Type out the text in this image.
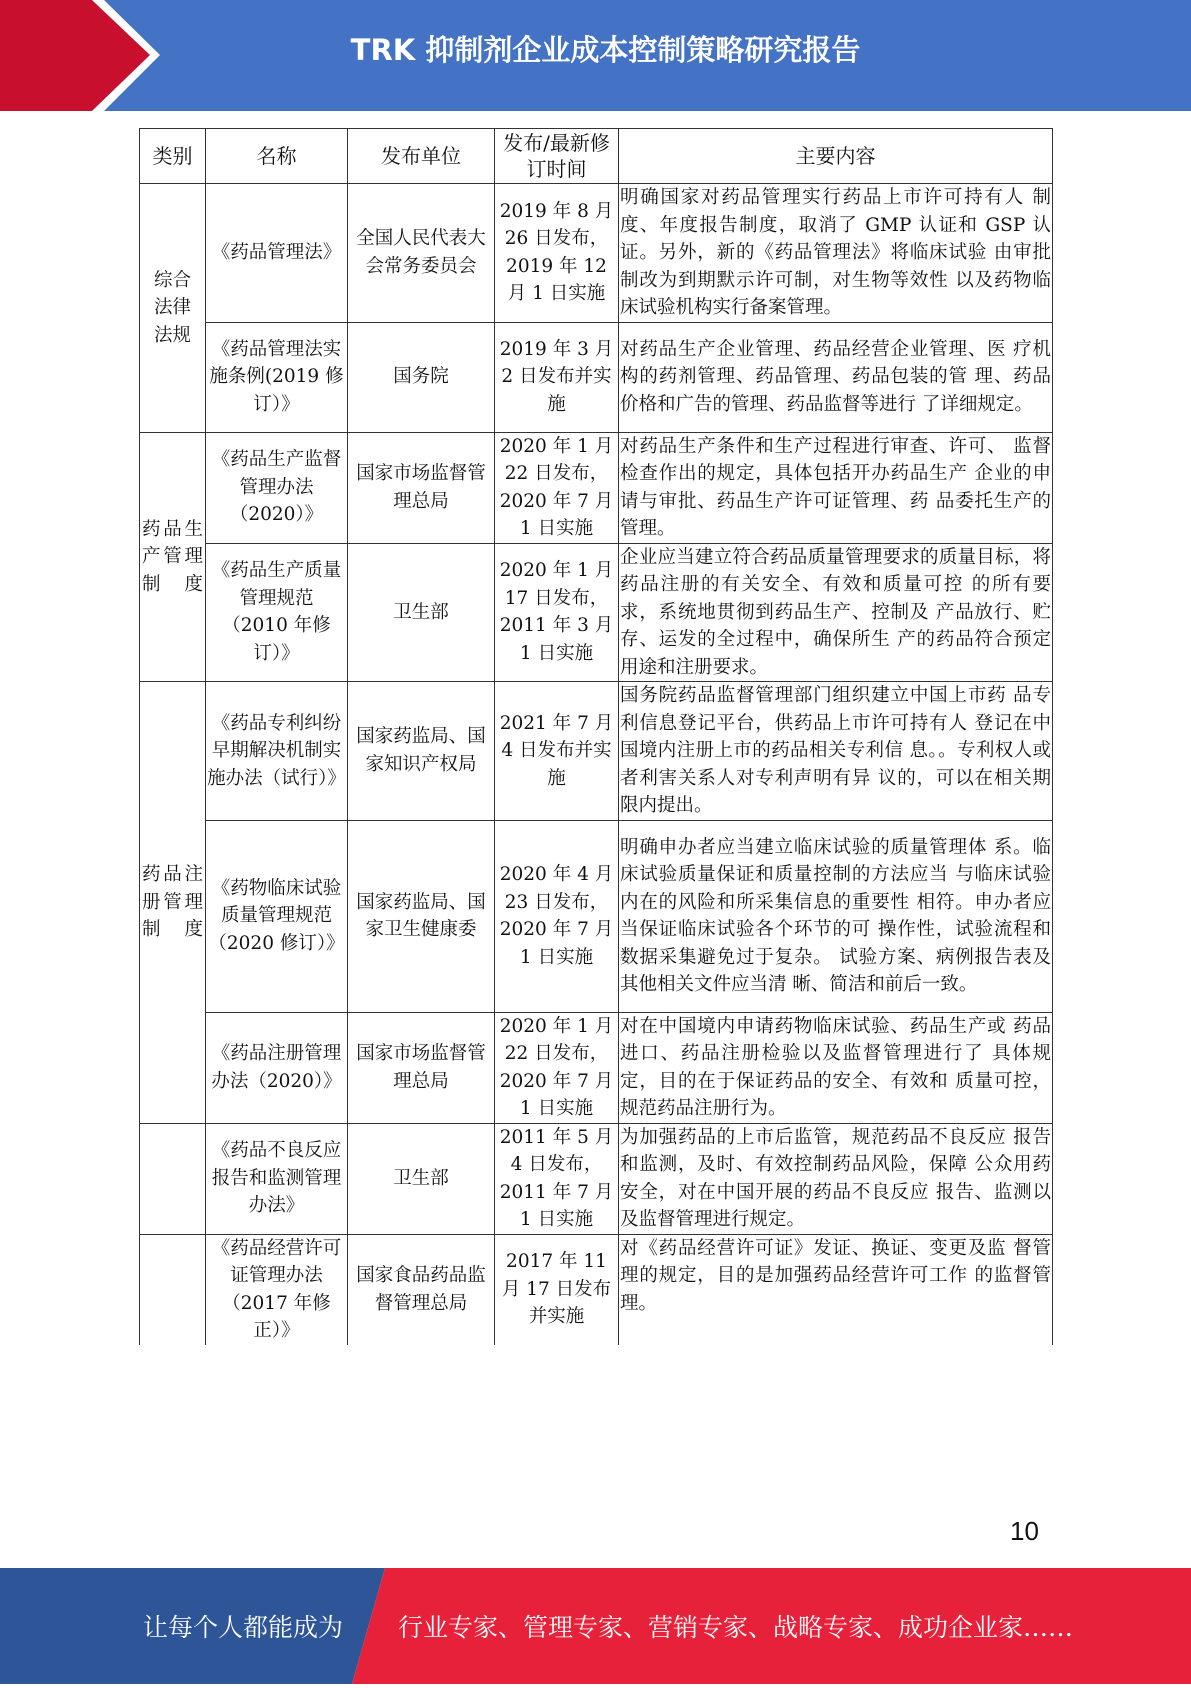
TRK 抑制剂企业成本控制策略研究报告
类别	名称	发布单位	发布/最新修订时间	主要内容
综合法律法规	《药品管理法》	全国人民代表大会常务委员会	2019 年 8 月 26 日发布，2019 年 12 月 1 日实施	明确国家对药品管理实行药品上市许可持有人 制度、年度报告制度，取消了 GMP 认证和 GSP 认证。另外，新的《药品管理法》将临床试验 由审批制改为到期默示许可制，对生物等效性 以及药物临床试验机构实行备案管理。
	《药品管理法实施条例(2019 修订）》	国务院	2019 年 3 月 2 日发布并实施	对药品生产企业管理、药品经营企业管理、医 疗机构的药剂管理、药品管理、药品包装的管 理、药品价格和广告的管理、药品监督等进行 了详细规定。
药品生产管理制度	《药品生产监督管理办法（2020）》	国家市场监督管理总局	2020 年 1 月 22 日发布，2020 年 7 月 1 日实施	对药品生产条件和生产过程进行审查、许可、 监督检查作出的规定，具体包括开办药品生产 企业的申请与审批、药品生产许可证管理、药 品委托生产的管理。
	《药品生产质量管理规范（2010 年修订）》	卫生部	2020 年 1 月 17 日发布，2011 年 3 月 1 日实施	企业应当建立符合药品质量管理要求的质量目标，将药品注册的有关安全、有效和质量可控 的所有要求，系统地贯彻到药品生产、控制及 产品放行、贮存、运发的全过程中，确保所生 产的药品符合预定用途和注册要求。
药品注册管理制度	《药品专利纠纷早期解决机制实施办法（试行）》	国家药监局、国家知识产权局	2021 年 7 月 4 日发布并实施	国务院药品监督管理部门组织建立中国上市药 品专利信息登记平台，供药品上市许可持有人 登记在中国境内注册上市的药品相关专利信 息。。专利权人或者利害关系人对专利声明有异 议的，可以在相关期限内提出。
	《药物临床试验质量管理规范（2020 修订）》	国家药监局、国家卫生健康委	2020 年 4 月 23 日发布，2020 年 7 月 1 日实施	明确申办者应当建立临床试验的质量管理体 系。临床试验质量保证和质量控制的方法应当 与临床试验内在的风险和所采集信息的重要性 相符。申办者应当保证临床试验各个环节的可 操作性，试验流程和数据采集避免过于复杂。 试验方案、病例报告表及其他相关文件应当清 晰、简洁和前后一致。
	《药品注册管理办法（2020）》	国家市场监督管理总局	2020 年 1 月 22 日发布，2020 年 7 月 1 日实施	对在中国境内申请药物临床试验、药品生产或 药品进口、药品注册检验以及监督管理进行了 具体规定，目的在于保证药品的安全、有效和 质量可控，规范药品注册行为。
	《药品不良反应报告和监测管理办法》	卫生部	2011 年 5 月 4 日发布，2011 年 7 月 1 日实施	为加强药品的上市后监管，规范药品不良反应 报告和监测，及时、有效控制药品风险，保障 公众用药安全，对在中国开展的药品不良反应 报告、监测以及监督管理进行规定。
	《药品经营许可证管理办法（2017 年修正）》	国家食品药品监督管理总局	2017 年 11 月 17 日发布并实施	对《药品经营许可证》发证、换证、变更及监 督管理的规定，目的是加强药品经营许可工作 的监督管理。
10
让每个人都能成为 行业专家、管理专家、营销专家、战略专家、成功企业家……
